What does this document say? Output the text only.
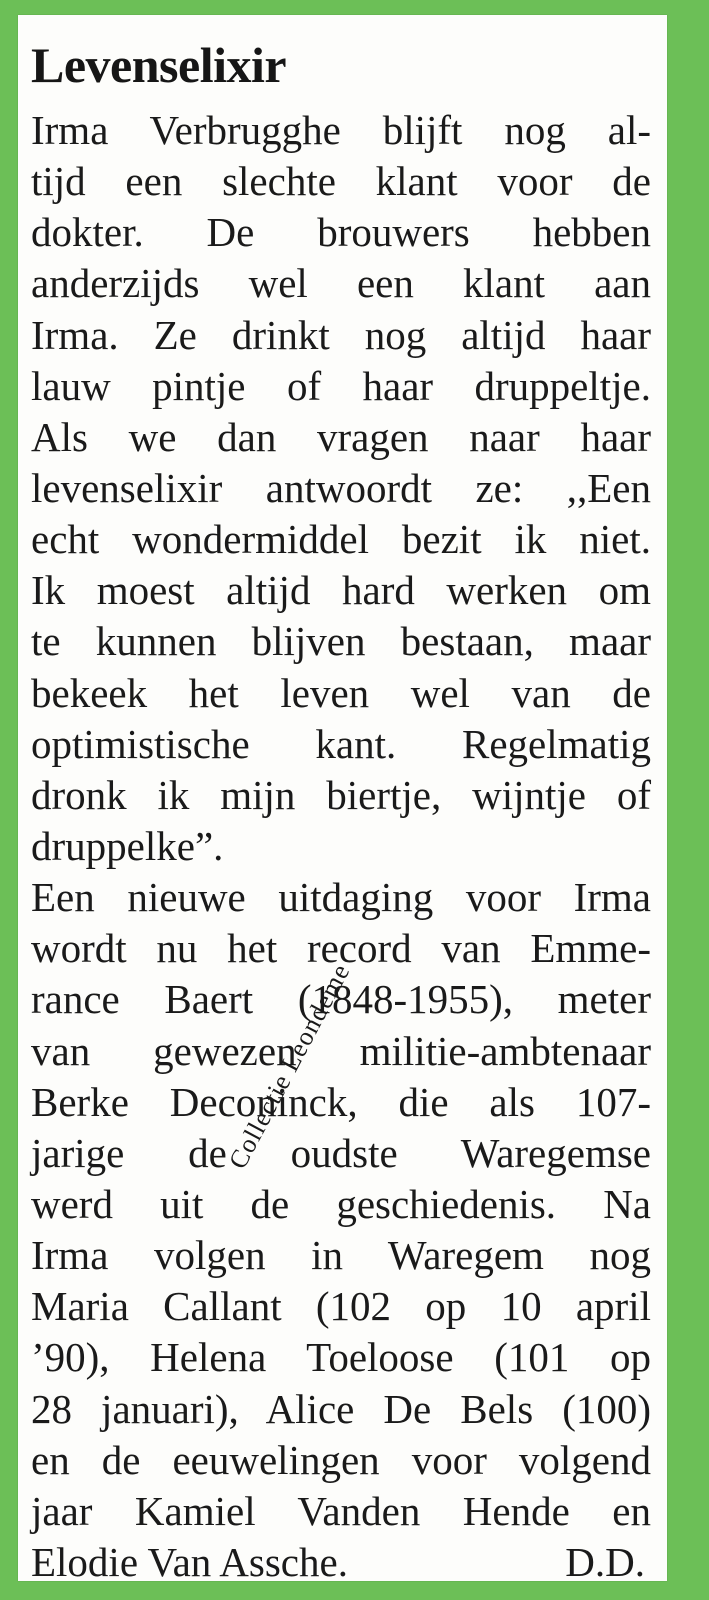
Levenselixir
Irma Verbrugghe blijft nog al-
tijd een slechte klant voor de
dokter. De brouwers hebben
anderzijds wel een klant aan
Irma. Ze drinkt nog altijd haar
lauw pintje of haar druppeltje.
Als we dan vragen naar haar
levenselixir antwoordt ze: ,,Een
echt wondermiddel bezit ik niet.
Ik moest altijd hard werken om
te kunnen blijven bestaan, maar
bekeek het leven wel van de
optimistische kant. Regelmatig
dronk ik mijn biertje, wijntje of
druppelke”.
Een nieuwe uitdaging voor Irma
wordt nu het record van Emme-
rance Baert (1848-1955), meter
van gewezen militie-ambtenaar
Berke Deconinck, die als 107-
jarige de oudste Waregemse
werd uit de geschiedenis. Na
Irma volgen in Waregem nog
Maria Callant (102 op 10 april
’90), Helena Toeloose (101 op
28 januari), Alice De Bels (100)
en de eeuwelingen voor volgend
jaar Kamiel Vanden Hende en
Elodie Van Assche.	D.D.
Collectie Leondeme
